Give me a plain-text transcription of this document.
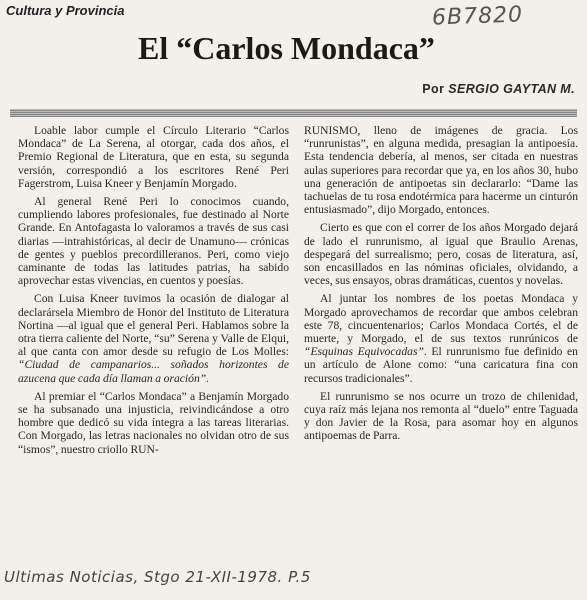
Cultura y Provincia	6B7820
El “Carlos Mondaca”
Por SERGIO GAYTAN M.

Loable labor cumple el Círculo Literario “Carlos Mondaca” de La Serena, al otorgar, cada dos años, el Premio Regional de Literatura, que en esta, su segunda versión, correspondió a los escritores René Peri Fagerstrom, Luisa Kneer y Benjamín Morgado.

Al general René Peri lo conocimos cuando, cumpliendo labores profesionales, fue destinado al Norte Grande. En Antofagasta lo valoramos a través de sus casi diarias —intrahistóricas, al decir de Unamuno— crónicas de gentes y pueblos precordilleranos. Peri, como viejo caminante de todas las latitudes patrias, ha sabido aprovechar estas vivencias, en cuentos y poesías.

Con Luisa Kneer tuvimos la ocasión de dialogar al declarársela Miembro de Honor del Instituto de Literatura Nortina —al igual que el general Peri. Hablamos sobre la otra tierra caliente del Norte, “su” Serena y Valle de Elqui, al que canta con amor desde su refugio de Los Molles: “Ciudad de campanarios... soñados horizontes de azucena que cada día llaman a oración”.

Al premiar el “Carlos Mondaca” a Benjamín Morgado se ha subsanado una injusticia, reivindicándose a otro hombre que dedicó su vida íntegra a las tareas literarias. Con Morgado, las letras nacionales no olvidan otro de sus “ismos”, nuestro criollo RUN-

RUNISMO, lleno de imágenes de gracia. Los “runrunistas”, en alguna medida, presagian la antipoesía. Esta tendencia debería, al menos, ser citada en nuestras aulas superiores para recordar que ya, en los años 30, hubo una generación de antipoetas sin declararlo: “Dame las tachuelas de tu rosa endotérmica para hacerme un cinturón entusiasmado”, dijo Morgado, entonces.

Cierto es que con el correr de los años Morgado dejará de lado el runrunismo, al igual que Braulio Arenas, despegará del surrealismo; pero, cosas de literatura, así, son encasillados en las nóminas oficiales, olvidando, a veces, sus ensayos, obras dramáticas, cuentos y novelas.

Al juntar los nombres de los poetas Mondaca y Morgado aprovechamos de recordar que ambos celebran este 78, cincuentenarios; Carlos Mondaca Cortés, el de muerte, y Morgado, el de sus textos runrúnicos de “Esquinas Equivocadas”. El runrunismo fue definido en un artículo de Alone como: “una caricatura fina con recursos tradicionales”.

El runrunismo se nos ocurre un trozo de chilenidad, cuya raíz más lejana nos remonta al “duelo” entre Taguada y don Javier de la Rosa, para asomar hoy en algunos antipoemas de Parra.

Ultimas Noticias, Stgo 21-XII-1978. P.5
